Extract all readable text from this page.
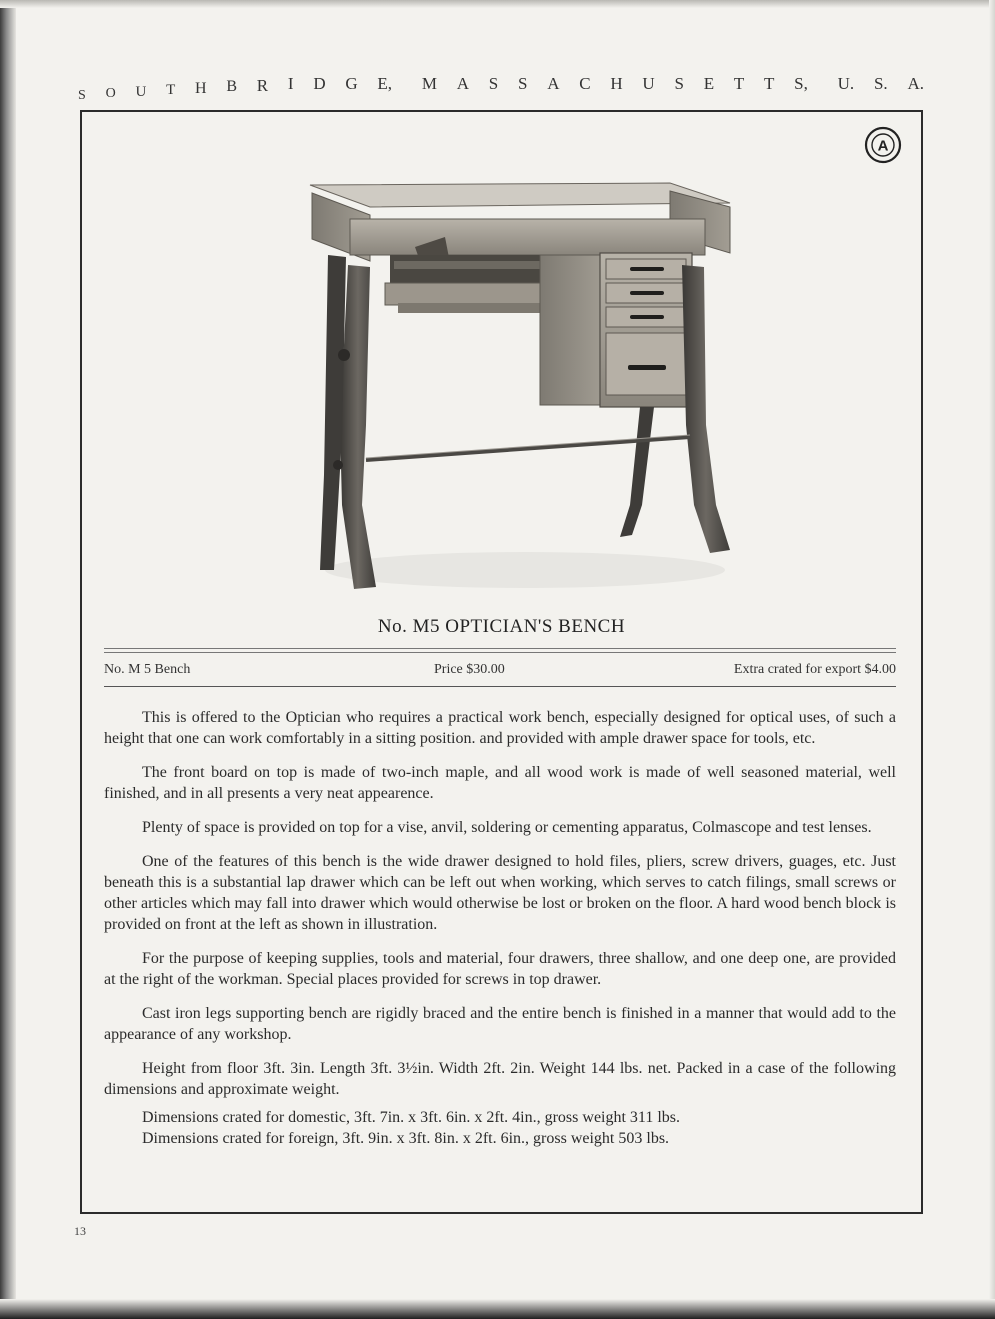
S O U T H B R I D G E, M A S S A C H U S E T T S, U. S. A.
A
No. M5 OPTICIAN'S BENCH
No. M 5 Bench	Price $30.00	Extra crated for export $4.00

This is offered to the Optician who requires a practical work bench, especially designed for optical uses, of such a height that one can work comfortably in a sitting position. and provided with ample drawer space for tools, etc.

The front board on top is made of two-inch maple, and all wood work is made of well seasoned material, well finished, and in all presents a very neat appearence.

Plenty of space is provided on top for a vise, anvil, soldering or cementing apparatus, Colmascope and test lenses.

One of the features of this bench is the wide drawer designed to hold files, pliers, screw drivers, guages, etc. Just beneath this is a substantial lap drawer which can be left out when working, which serves to catch filings, small screws or other articles which may fall into drawer which would otherwise be lost or broken on the floor. A hard wood bench block is provided on front at the left as shown in illustration.

For the purpose of keeping supplies, tools and material, four drawers, three shallow, and one deep one, are provided at the right of the workman. Special places provided for screws in top drawer.

Cast iron legs supporting bench are rigidly braced and the entire bench is finished in a manner that would add to the appearance of any workshop.

Height from floor 3ft. 3in. Length 3ft. 3½in. Width 2ft. 2in. Weight 144 lbs. net. Packed in a case of the following dimensions and approximate weight.

Dimensions crated for domestic, 3ft. 7in. x 3ft. 6in. x 2ft. 4in., gross weight 311 lbs.
Dimensions crated for foreign, 3ft. 9in. x 3ft. 8in. x 2ft. 6in., gross weight 503 lbs.
13
